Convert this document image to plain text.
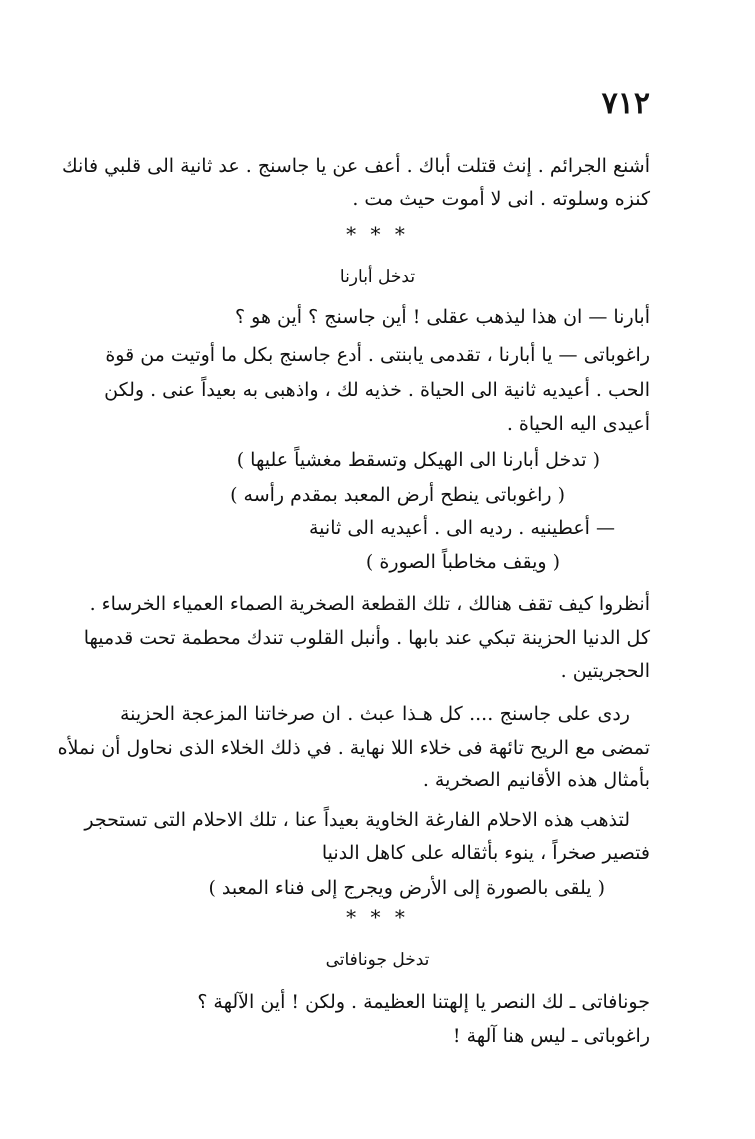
٧١٢
أشنع الجرائم . إنث قتلت أباك . أعف عن يا جاسنج . عد ثانية الى قلبي فانك
كنزه وسلوته . انى لا أموت حيث مت .
* * *
تدخل أبارنا
أبارنا — ان هذا ليذهب عقلى ! أين جاسنج ؟ أين هو ؟
راغوباتى — يا أبارنا ، تقدمى يابنتى . أدع جاسنج بكل ما أوتيت من قوة
الحب . أعيديه ثانية الى الحياة . خذيه لك ، واذهبى به بعيداً عنى . ولكن
أعيدى اليه الحياة .
( تدخل أبارنا الى الهيكل وتسقط مغشياً عليها )
( راغوباتى ينطح أرض المعبد بمقدم رأسه )
— أعطينيه . رديه الى . أعيديه الى ثانية
( ويقف مخاطباً الصورة )
أنظروا كيف تقف هنالك ، تلك القطعة الصخرية الصماء العمياء الخرساء .
كل الدنيا الحزينة تبكي عند بابها . وأنبل القلوب تندك محطمة تحت قدميها
الحجريتين .
ردى على جاسنج .... كل هـذا عبث . ان صرخاتنا المزعجة الحزينة
تمضى مع الريح تائهة فى خلاء اللا نهاية . في ذلك الخلاء الذى نحاول أن نملأه
بأمثال هذه الأقانيم الصخرية .
لتذهب هذه الاحلام الفارغة الخاوية بعيداً عنا ، تلك الاحلام التى تستحجر
فتصير صخراً ، ينوء بأثقاله على كاهل الدنيا
( يلقى بالصورة إلى الأرض ويجرج إلى فناء المعبد )
* * *
تدخل جونافاتى
جونافاتى ـ لك النصر يا إلهتنا العظيمة . ولكن ! أين الآلهة ؟
راغوباتى ـ ليس هنا آلهة !
